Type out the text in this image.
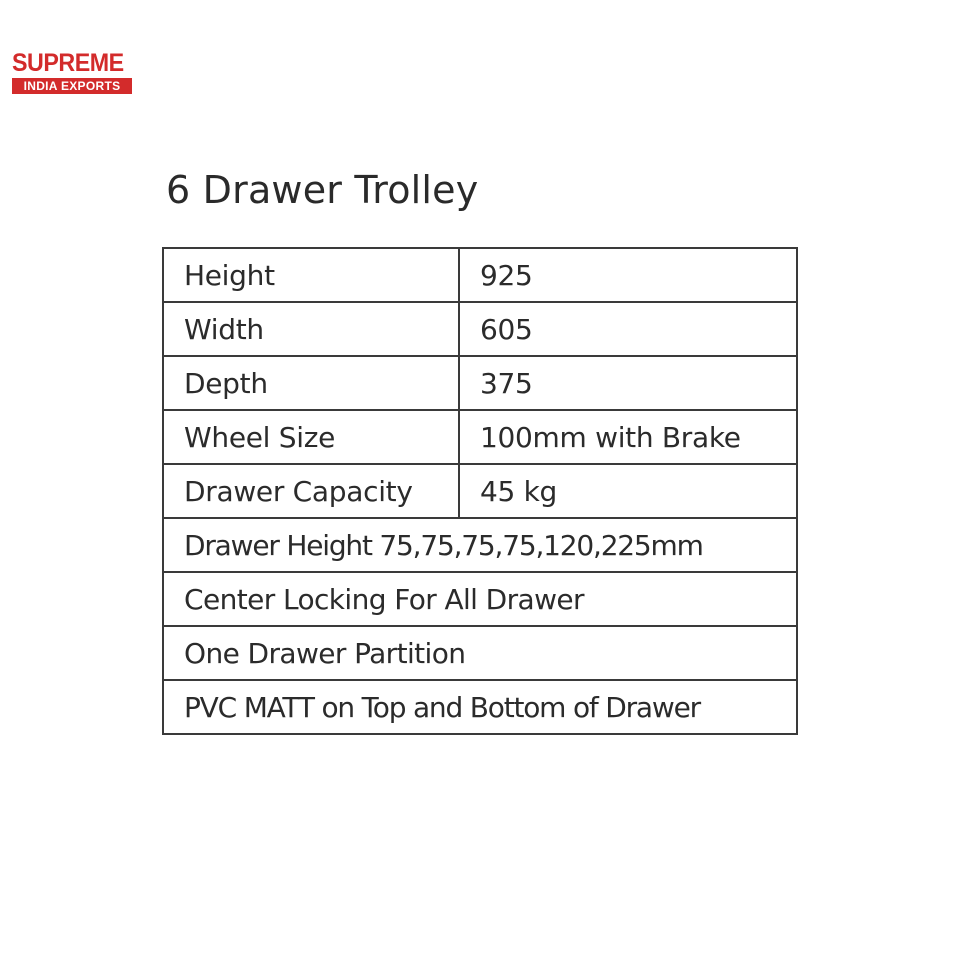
SUPREME
INDIA EXPORTS
6 Drawer Trolley
Height	925
Width	605
Depth	375
Wheel Size	100mm with Brake
Drawer Capacity	45 kg
Drawer Height 75,75,75,75,120,225mm	
Center Locking For All Drawer	
One Drawer Partition	
PVC MATT on Top and Bottom of Drawer	
